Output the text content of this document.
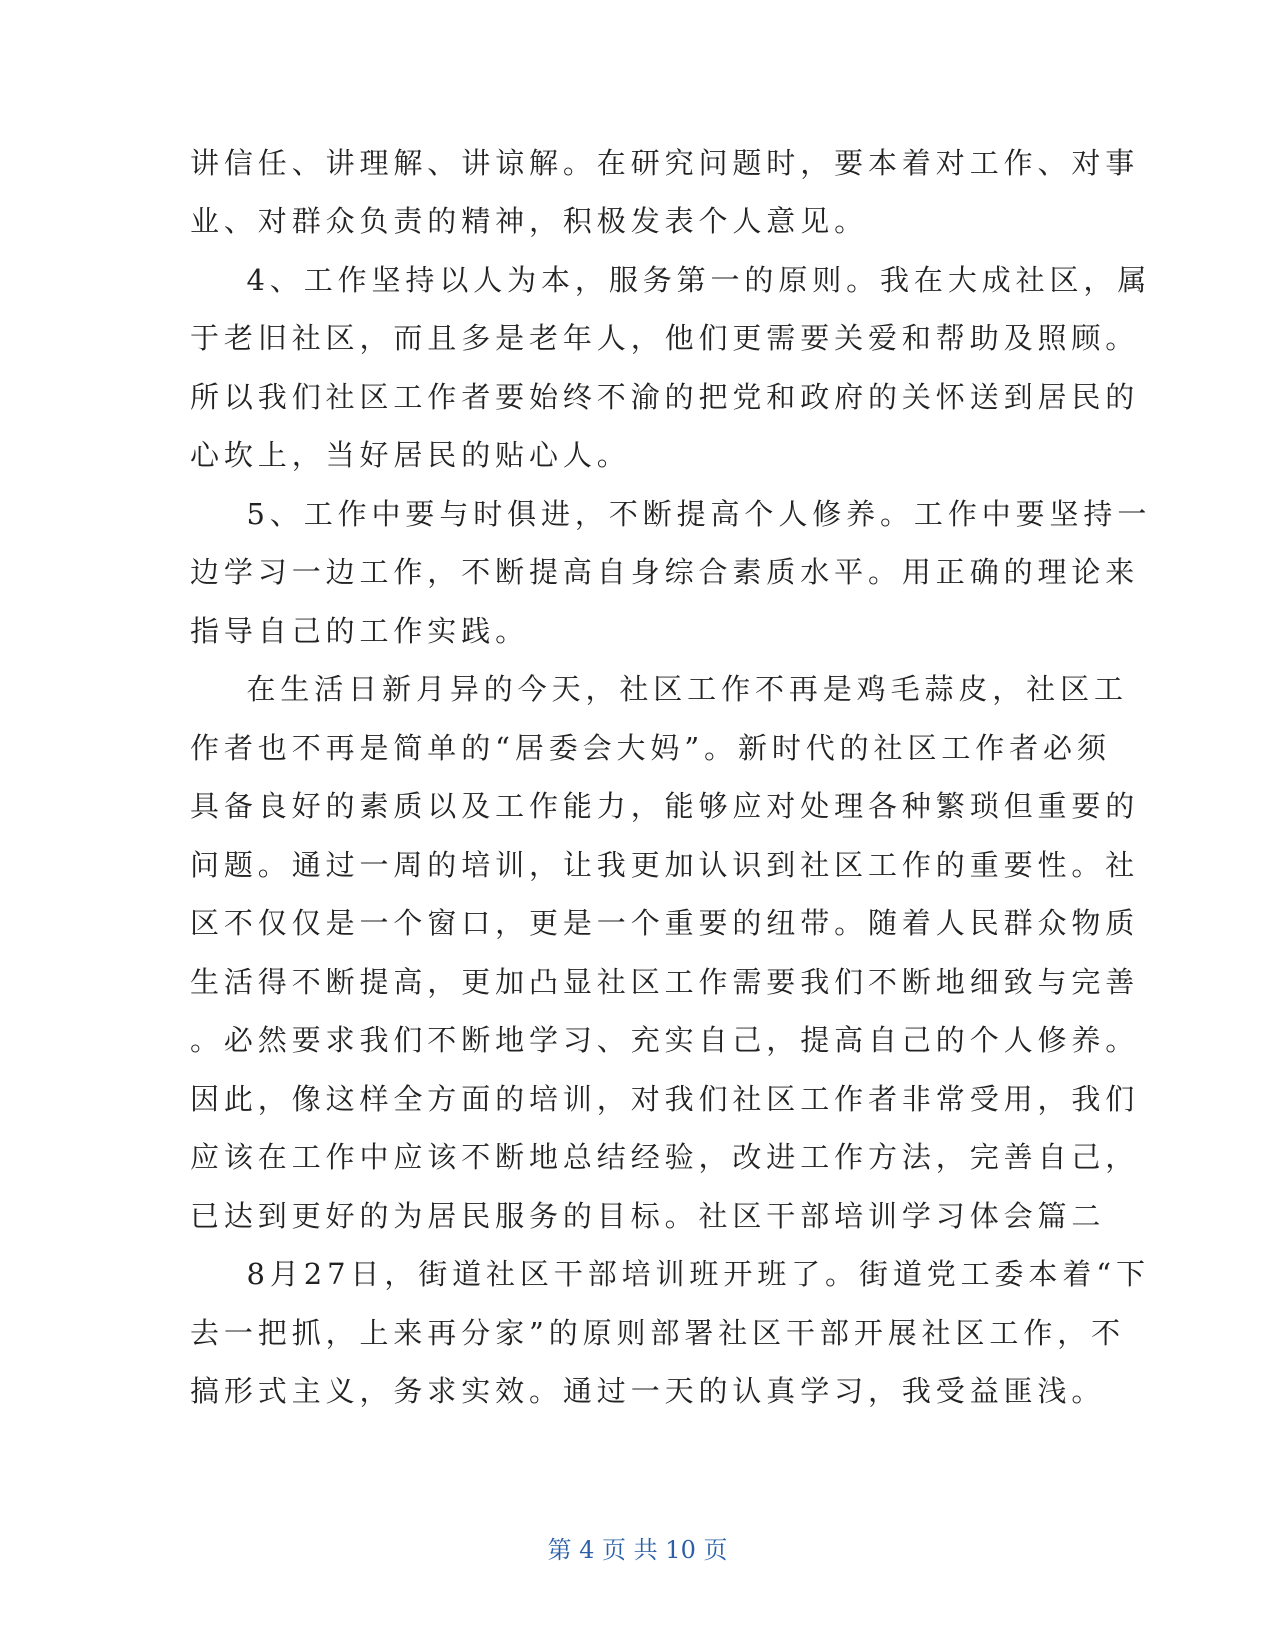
讲信任、讲理解、讲谅解。在研究问题时，要本着对工作、对事
业、对群众负责的精神，积极发表个人意见。
4、工作坚持以人为本，服务第一的原则。我在大成社区，属
于老旧社区，而且多是老年人，他们更需要关爱和帮助及照顾。
所以我们社区工作者要始终不渝的把党和政府的关怀送到居民的
心坎上，当好居民的贴心人。
5、工作中要与时俱进，不断提高个人修养。工作中要坚持一
边学习一边工作，不断提高自身综合素质水平。用正确的理论来
指导自己的工作实践。
在生活日新月异的今天，社区工作不再是鸡毛蒜皮，社区工
作者也不再是简单的“居委会大妈”。新时代的社区工作者必须
具备良好的素质以及工作能力，能够应对处理各种繁琐但重要的
问题。通过一周的培训，让我更加认识到社区工作的重要性。社
区不仅仅是一个窗口，更是一个重要的纽带。随着人民群众物质
生活得不断提高，更加凸显社区工作需要我们不断地细致与完善
。必然要求我们不断地学习、充实自己，提高自己的个人修养。
因此，像这样全方面的培训，对我们社区工作者非常受用，我们
应该在工作中应该不断地总结经验，改进工作方法，完善自己，
已达到更好的为居民服务的目标。社区干部培训学习体会篇二
8月27日，街道社区干部培训班开班了。街道党工委本着“下
去一把抓，上来再分家”的原则部署社区干部开展社区工作，不
搞形式主义，务求实效。通过一天的认真学习，我受益匪浅。
第 4 页 共 10 页
